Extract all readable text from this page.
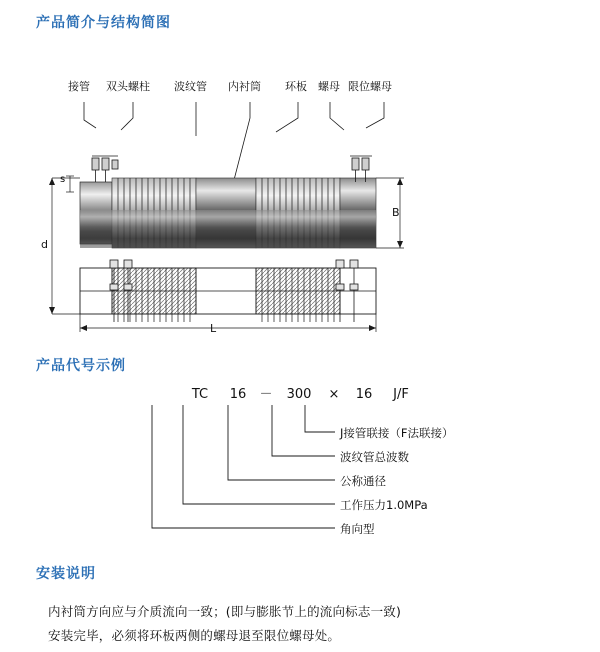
产品简介与结构简图
接管 双头螺柱 波纹管 内衬筒 环板 螺母 限位螺母
s
d
B
L
产品代号示例
TC	16	－	300	×	16	J/F
J接管联接（F法联接）
波纹管总波数
公称通径
工作压力1.0MPa
角向型
安装说明
内衬筒方向应与介质流向一致；(即与膨胀节上的流向标志一致)
安装完毕，必须将环板两侧的螺母退至限位螺母处。
